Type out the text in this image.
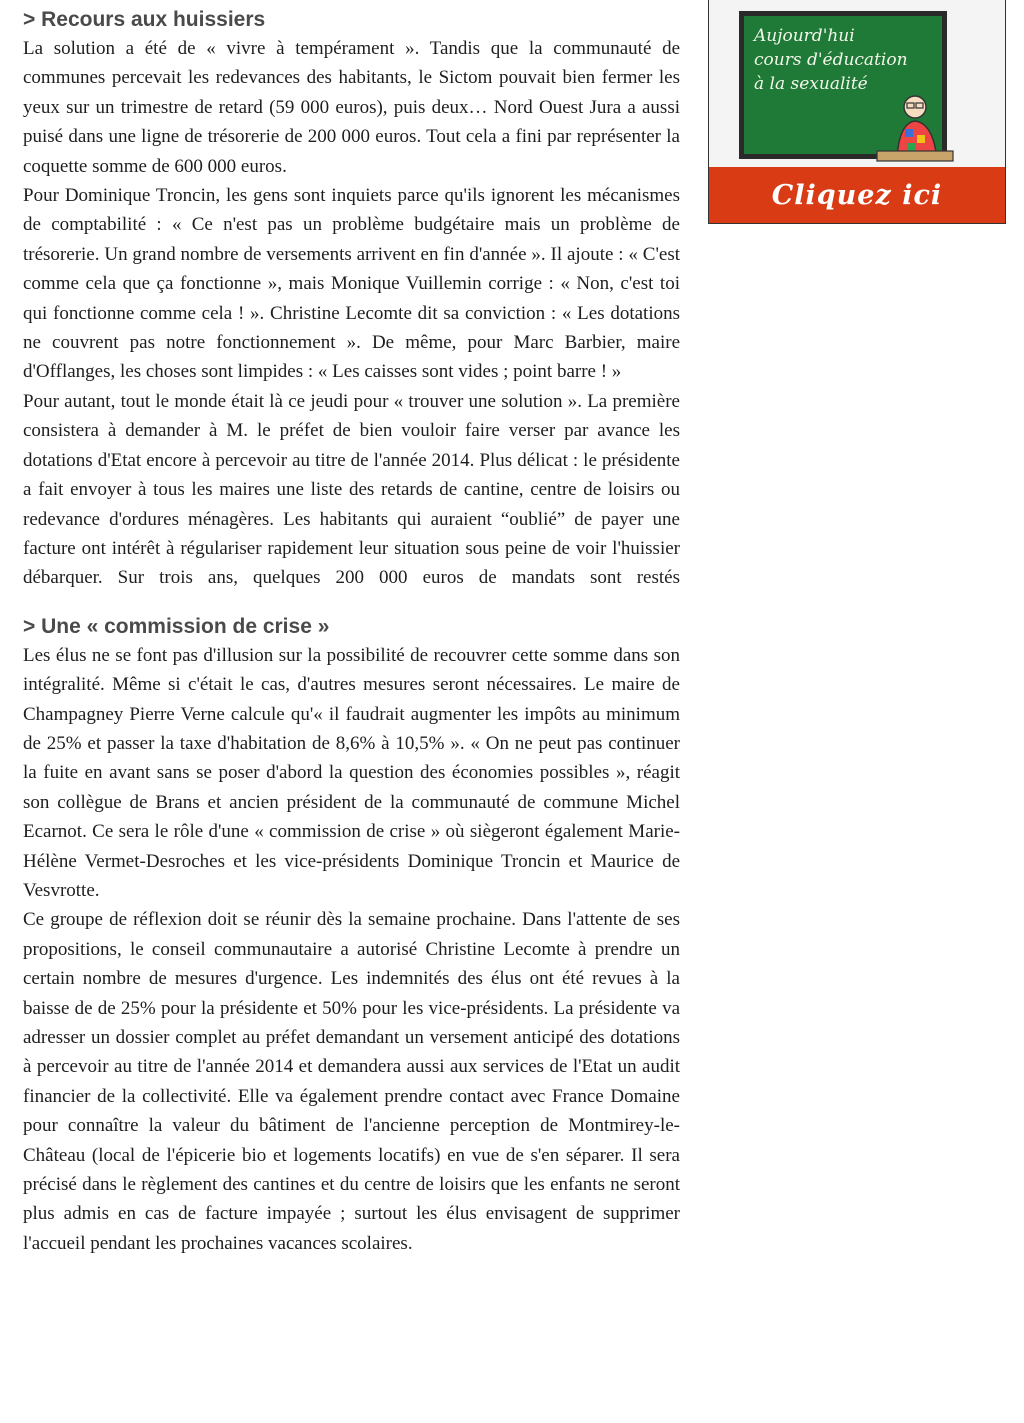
> Recours aux huissiers

La solution a été de « vivre à tempérament ». Tandis que la communauté de communes percevait les redevances des habitants, le Sictom pouvait bien fermer les yeux sur un trimestre de retard (59 000 euros), puis deux… Nord Ouest Jura a aussi puisé dans une ligne de trésorerie de 200 000 euros. Tout cela a fini par représenter la coquette somme de 600 000 euros.

Pour Dominique Troncin, les gens sont inquiets parce qu'ils ignorent les mécanismes de comptabilité : « Ce n'est pas un problème budgétaire mais un problème de trésorerie. Un grand nombre de versements arrivent en fin d'année ». Il ajoute : « C'est comme cela que ça fonctionne », mais Monique Vuillemin corrige : « Non, c'est toi qui fonctionne comme cela ! ». Christine Lecomte dit sa conviction : « Les dotations ne couvrent pas notre fonctionnement ». De même, pour Marc Barbier, maire d'Offlanges, les choses sont limpides : « Les caisses sont vides ; point barre ! »

Pour autant, tout le monde était là ce jeudi pour « trouver une solution ». La première consistera à demander à M. le préfet de bien vouloir faire verser par avance les dotations d'Etat encore à percevoir au titre de l'année 2014. Plus délicat : le présidente a fait envoyer à tous les maires une liste des retards de cantine, centre de loisirs ou redevance d'ordures ménagères. Les habitants qui auraient “oublié” de payer une facture ont intérêt à régulariser rapidement leur situation sous peine de voir l'huissier débarquer. Sur trois ans, quelques 200 000 euros de mandats sont restés

> Une « commission de crise »

Les élus ne se font pas d'illusion sur la possibilité de recouvrer cette somme dans son intégralité. Même si c'était le cas, d'autres mesures seront nécessaires. Le maire de Champagney Pierre Verne calcule qu'« il faudrait augmenter les impôts au minimum de 25% et passer la taxe d'habitation de 8,6% à 10,5% ». « On ne peut pas continuer la fuite en avant sans se poser d'abord la question des économies possibles », réagit son collègue de Brans et ancien président de la communauté de commune Michel Ecarnot. Ce sera le rôle d'une « commission de crise » où siègeront également Marie-Hélène Vermet-Desroches et les vice-présidents Dominique Troncin et Maurice de Vesvrotte.

Ce groupe de réflexion doit se réunir dès la semaine prochaine. Dans l'attente de ses propositions, le conseil communautaire a autorisé Christine Lecomte à prendre un certain nombre de mesures d'urgence. Les indemnités des élus ont été revues à la baisse de de 25% pour la présidente et 50% pour les vice-présidents. La présidente va adresser un dossier complet au préfet demandant un versement anticipé des dotations à percevoir au titre de l'année 2014 et demandera aussi aux services de l'Etat un audit financier de la collectivité. Elle va également prendre contact avec France Domaine pour connaître la valeur du bâtiment de l'ancienne perception de Montmirey-le-Château (local de l'épicerie bio et logements locatifs) en vue de s'en séparer. Il sera précisé dans le règlement des cantines et du centre de loisirs que les enfants ne seront plus admis en cas de facture impayée ; surtout les élus envisagent de supprimer l'accueil pendant les prochaines vacances scolaires.

Aujourd'hui
cours d'éducation
à la sexualité
Cliquez ici
